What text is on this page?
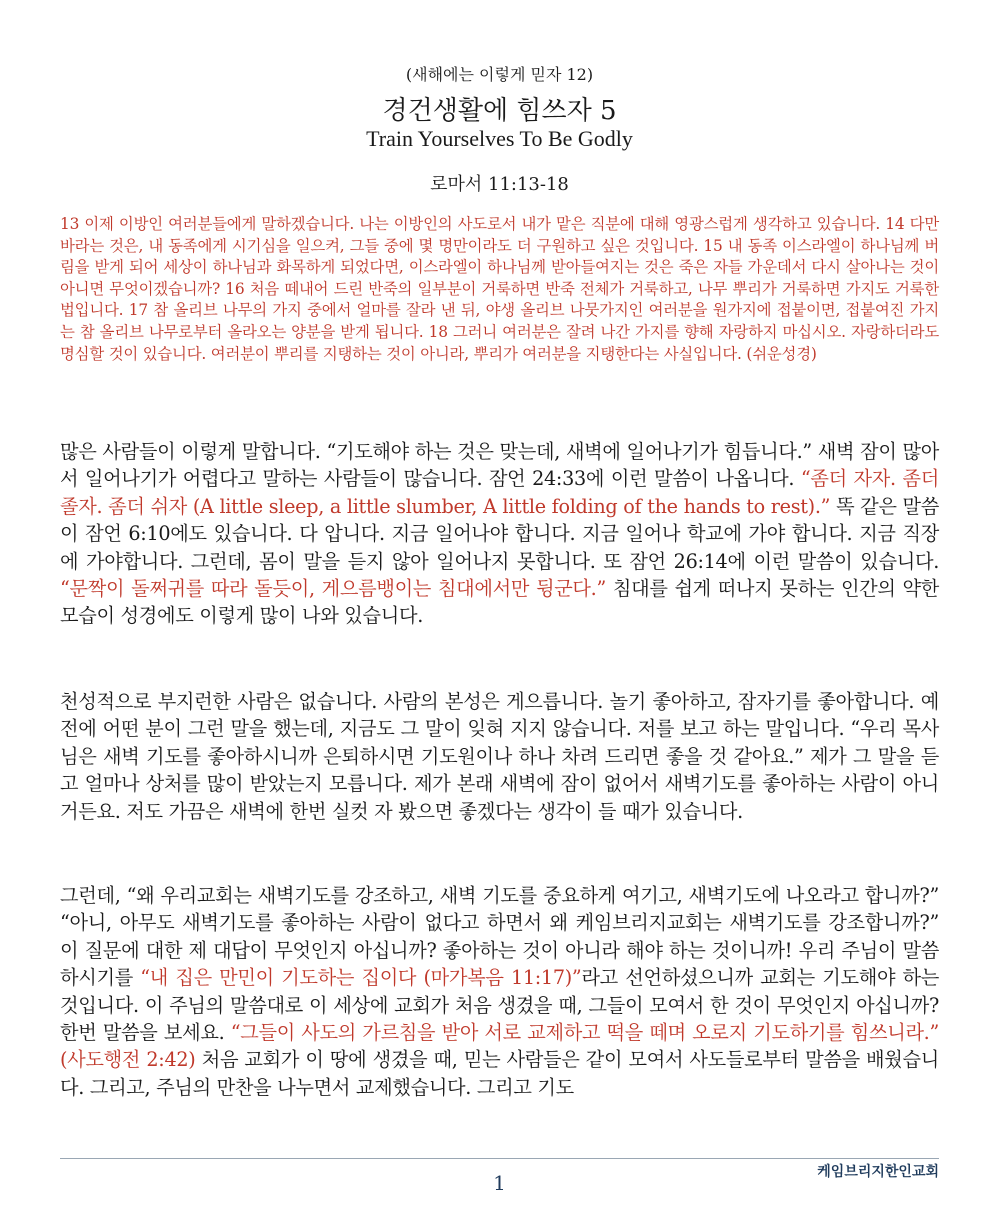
(새해에는 이렇게 믿자 12)
경건생활에 힘쓰자 5
Train Yourselves To Be Godly
로마서 11:13-18
13 이제 이방인 여러분들에게 말하겠습니다. 나는 이방인의 사도로서 내가 맡은 직분에 대해 영광스럽게 생각하고 있습니다. 14 다만 바라는 것은, 내 동족에게 시기심을 일으켜, 그들 중에 몇 명만이라도 더 구원하고 싶은 것입니다. 15 내 동족 이스라엘이 하나님께 버림을 받게 되어 세상이 하나님과 화목하게 되었다면, 이스라엘이 하나님께 받아들여지는 것은 죽은 자들 가운데서 다시 살아나는 것이 아니면 무엇이겠습니까? 16 처음 떼내어 드린 반죽의 일부분이 거룩하면 반죽 전체가 거룩하고, 나무 뿌리가 거룩하면 가지도 거룩한 법입니다. 17 참 올리브 나무의 가지 중에서 얼마를 잘라 낸 뒤, 야생 올리브 나뭇가지인 여러분을 원가지에 접붙이면, 접붙여진 가지는 참 올리브 나무로부터 올라오는 양분을 받게 됩니다. 18 그러니 여러분은 잘려 나간 가지를 향해 자랑하지 마십시오. 자랑하더라도 명심할 것이 있습니다. 여러분이 뿌리를 지탱하는 것이 아니라, 뿌리가 여러분을 지탱한다는 사실입니다. (쉬운성경)
많은 사람들이 이렇게 말합니다. “기도해야 하는 것은 맞는데, 새벽에 일어나기가 힘듭니다.” 새벽 잠이 많아서 일어나기가 어렵다고 말하는 사람들이 많습니다. 잠언 24:33에 이런 말씀이 나옵니다. “좀더 자자. 좀더 졸자. 좀더 쉬자 (A little sleep, a little slumber, A little folding of the hands to rest).” 똑 같은 말씀이 잠언 6:10에도 있습니다. 다 압니다. 지금 일어나야 합니다. 지금 일어나 학교에 가야 합니다. 지금 직장에 가야합니다. 그런데, 몸이 말을 듣지 않아 일어나지 못합니다. 또 잠언 26:14에 이런 말씀이 있습니다. “문짝이 돌쩌귀를 따라 돌듯이, 게으름뱅이는 침대에서만 뒹군다.” 침대를 쉽게 떠나지 못하는 인간의 약한 모습이 성경에도 이렇게 많이 나와 있습니다.
천성적으로 부지런한 사람은 없습니다. 사람의 본성은 게으릅니다. 놀기 좋아하고, 잠자기를 좋아합니다. 예전에 어떤 분이 그런 말을 했는데, 지금도 그 말이 잊혀 지지 않습니다. 저를 보고 하는 말입니다. “우리 목사님은 새벽 기도를 좋아하시니까 은퇴하시면 기도원이나 하나 차려 드리면 좋을 것 같아요.” 제가 그 말을 듣고 얼마나 상처를 많이 받았는지 모릅니다. 제가 본래 새벽에 잠이 없어서 새벽기도를 좋아하는 사람이 아니거든요. 저도 가끔은 새벽에 한번 실컷 자 봤으면 좋겠다는 생각이 들 때가 있습니다.
그런데, “왜 우리교회는 새벽기도를 강조하고, 새벽 기도를 중요하게 여기고, 새벽기도에 나오라고 합니까?” “아니, 아무도 새벽기도를 좋아하는 사람이 없다고 하면서 왜 케임브리지교회는 새벽기도를 강조합니까?” 이 질문에 대한 제 대답이 무엇인지 아십니까? 좋아하는 것이 아니라 해야 하는 것이니까! 우리 주님이 말씀하시기를 “내 집은 만민이 기도하는 집이다 (마가복음 11:17)”라고 선언하셨으니까 교회는 기도해야 하는 것입니다. 이 주님의 말씀대로 이 세상에 교회가 처음 생겼을 때, 그들이 모여서 한 것이 무엇인지 아십니까? 한번 말씀을 보세요. “그들이 사도의 가르침을 받아 서로 교제하고 떡을 떼며 오로지 기도하기를 힘쓰니라.” (사도행전 2:42) 처음 교회가 이 땅에 생겼을 때, 믿는 사람들은 같이 모여서 사도들로부터 말씀을 배웠습니다. 그리고, 주님의 만찬을 나누면서 교제했습니다. 그리고 기도
케임브리지한인교회
1
